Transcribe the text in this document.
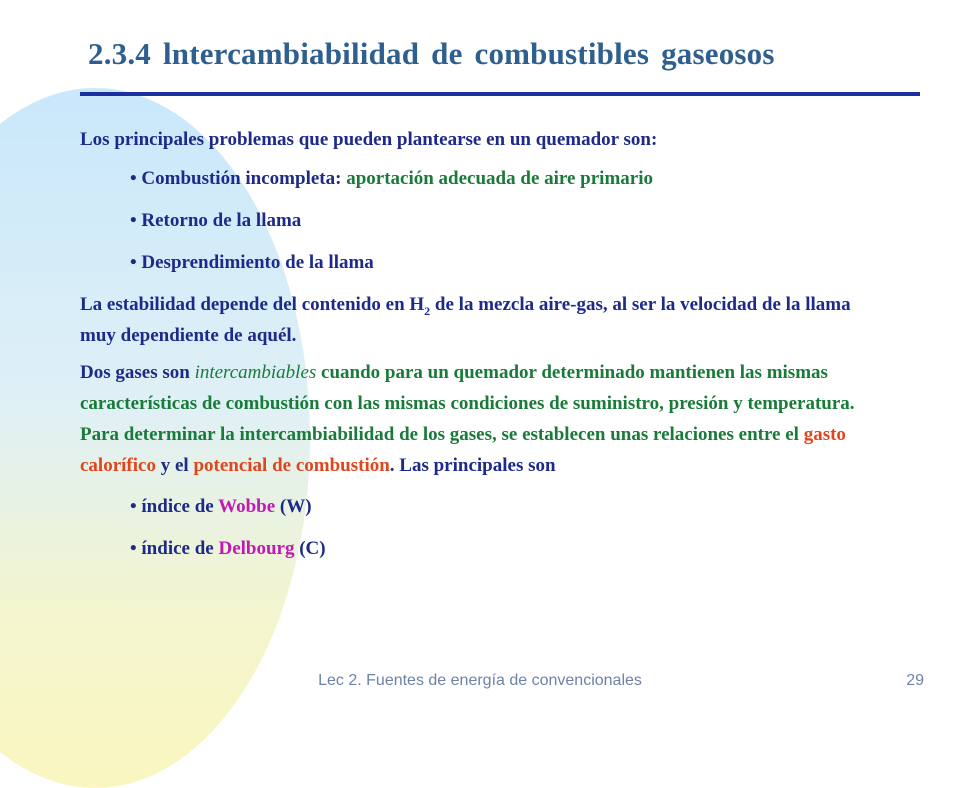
2.3.4 lntercambiabilidad de combustibles gaseosos

Los principales problemas que pueden plantearse en un quemador son:

• Combustión incompleta: aportación adecuada de aire primario

• Retorno de la llama

• Desprendimiento de la llama

La estabilidad depende del contenido en $H_2$ de la mezcla aire-gas, al ser la velocidad de la llama muy dependiente de aquél.

Dos gases son intercambiables cuando para un quemador determinado mantienen las mismas características de combustión con las mismas condiciones de suministro, presión y temperatura. Para determinar la intercambiabilidad de los gases, se establecen unas relaciones entre el gasto calorífico y el potencial de combustión. Las principales son

• índice de Wobbe (W)

• índice de Delbourg (C)

Lec 2. Fuentes de energía de convencionales	29
